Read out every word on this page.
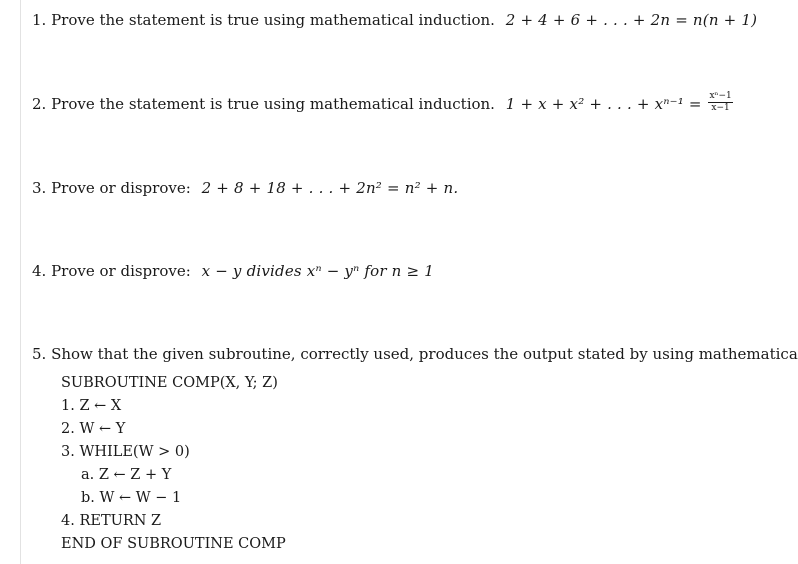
1. Prove the statement is true using mathematical induction. 2 + 4 + 6 + . . . + 2n = n(n + 1)
2. Prove the statement is true using mathematical induction. 1 + x + x² + . . . + $x^{n-1} = \frac{\text{xⁿ−1}}{x-1}$
3. Prove or disprove: 2 + 8 + 18 + . . . + 2n² = n² + n.
4. Prove or disprove: x − y divides xⁿ − yⁿ for n ≥ 1
5. Show that the given subroutine, correctly used, produces the output stated by using mathematica
SUBROUTINE COMP(X, Y; Z)
1. Z ← X
2. W ← Y
3. WHILE(W > 0)
a. Z ← Z + Y
b. W ← W − 1
4. RETURN Z
END OF SUBROUTINE COMP
